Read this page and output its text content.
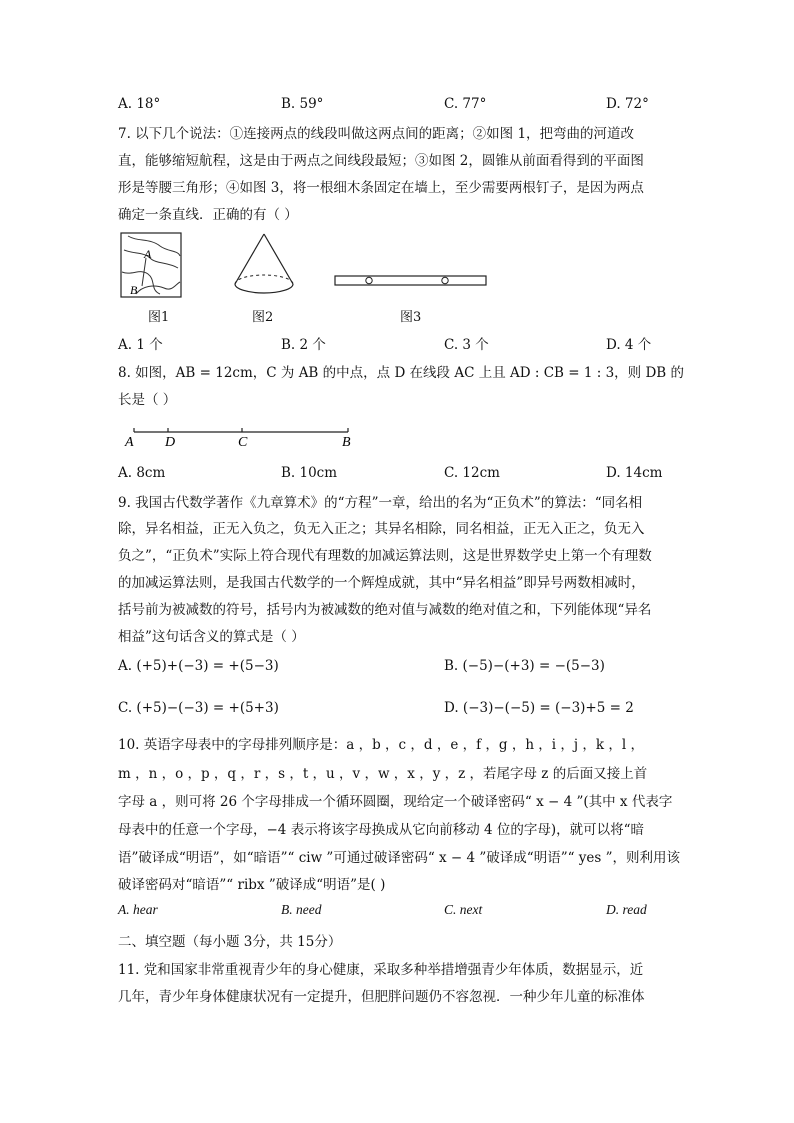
A. 18°	B. 59°	C. 77°	D. 72°
7. 以下几个说法：①连接两点的线段叫做这两点间的距离；②如图 1，把弯曲的河道改
直，能够缩短航程，这是由于两点之间线段最短；③如图 2，圆锥从前面看得到的平面图
形是等腰三角形；④如图 3，将一根细木条固定在墙上，至少需要两根钉子，是因为两点
确定一条直线．正确的有（ ）
A
B
图1	图2	图3
A. 1 个	B. 2 个	C. 3 个	D. 4 个
8. 如图，AB = 12cm，C 为 AB 的中点，点 D 在线段 AC 上且 AD : CB = 1 : 3，则 DB 的
长是（ ）
A D	C	B
A. 8cm	B. 10cm	C. 12cm	D. 14cm
9. 我国古代数学著作《九章算术》的“方程”一章，给出的名为“正负术”的算法：“同名相
除，异名相益，正无入负之，负无入正之；其异名相除，同名相益，正无入正之，负无入
负之”，“正负术”实际上符合现代有理数的加减运算法则，这是世界数学史上第一个有理数
的加减运算法则，是我国古代数学的一个辉煌成就，其中“异名相益”即异号两数相减时，
括号前为被减数的符号，括号内为被减数的绝对值与减数的绝对值之和，下列能体现“异名
相益”这句话含义的算式是（ ）
A. (+5)+(−3) = +(5−3)	B. (−5)−(+3) = −(5−3)
C. (+5)−(−3) = +(5+3)	D. (−3)−(−5) = (−3)+5 = 2
10. 英语字母表中的字母排列顺序是：a ，b ，c ，d ，e ，f ，g ，h ，i ，j ，k ，l ，
m ，n ，o ，p ，q ，r ，s ，t ，u ，v ，w ，x ，y ，z ，若尾字母 z 的后面又接上首
字母 a ，则可将 26 个字母排成一个循环圆圈，现给定一个破译密码“ x − 4 ”(其中 x 代表字
母表中的任意一个字母，−4 表示将该字母换成从它向前移动 4 位的字母)，就可以将“暗
语”破译成“明语”，如“暗语”“ ciw ”可通过破译密码“ x − 4 ”破译成“明语”“ yes ”，则利用该
破译密码对“暗语”“ ribx ”破译成“明语”是( )
A. hear	B. need	C. next	D. read
二、填空题（每小题 3分，共 15分）
11. 党和国家非常重视青少年的身心健康，采取多种举措增强青少年体质，数据显示，近
几年，青少年身体健康状况有一定提升，但肥胖问题仍不容忽视．一种少年儿童的标准体
